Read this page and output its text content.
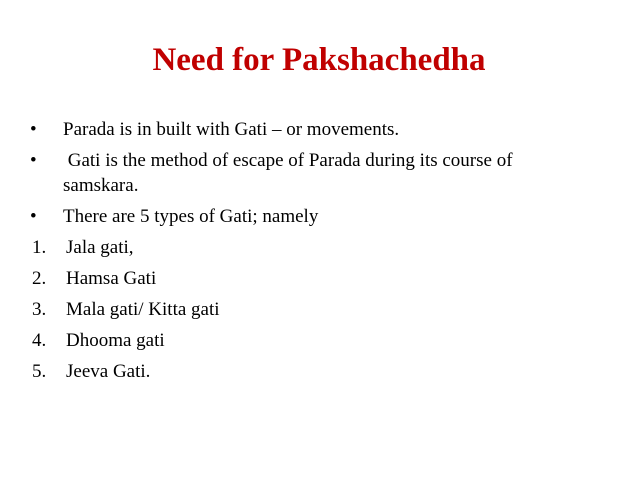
Need for Pakshachedha
•	Parada is in built with Gati – or movements.
•	Gati is the method of escape of Parada during its course of samskara.
•	There are 5 types of Gati; namely
1.	Jala gati,
2.	Hamsa Gati
3.	Mala gati/ Kitta gati
4.	Dhooma gati
5.	Jeeva Gati.
